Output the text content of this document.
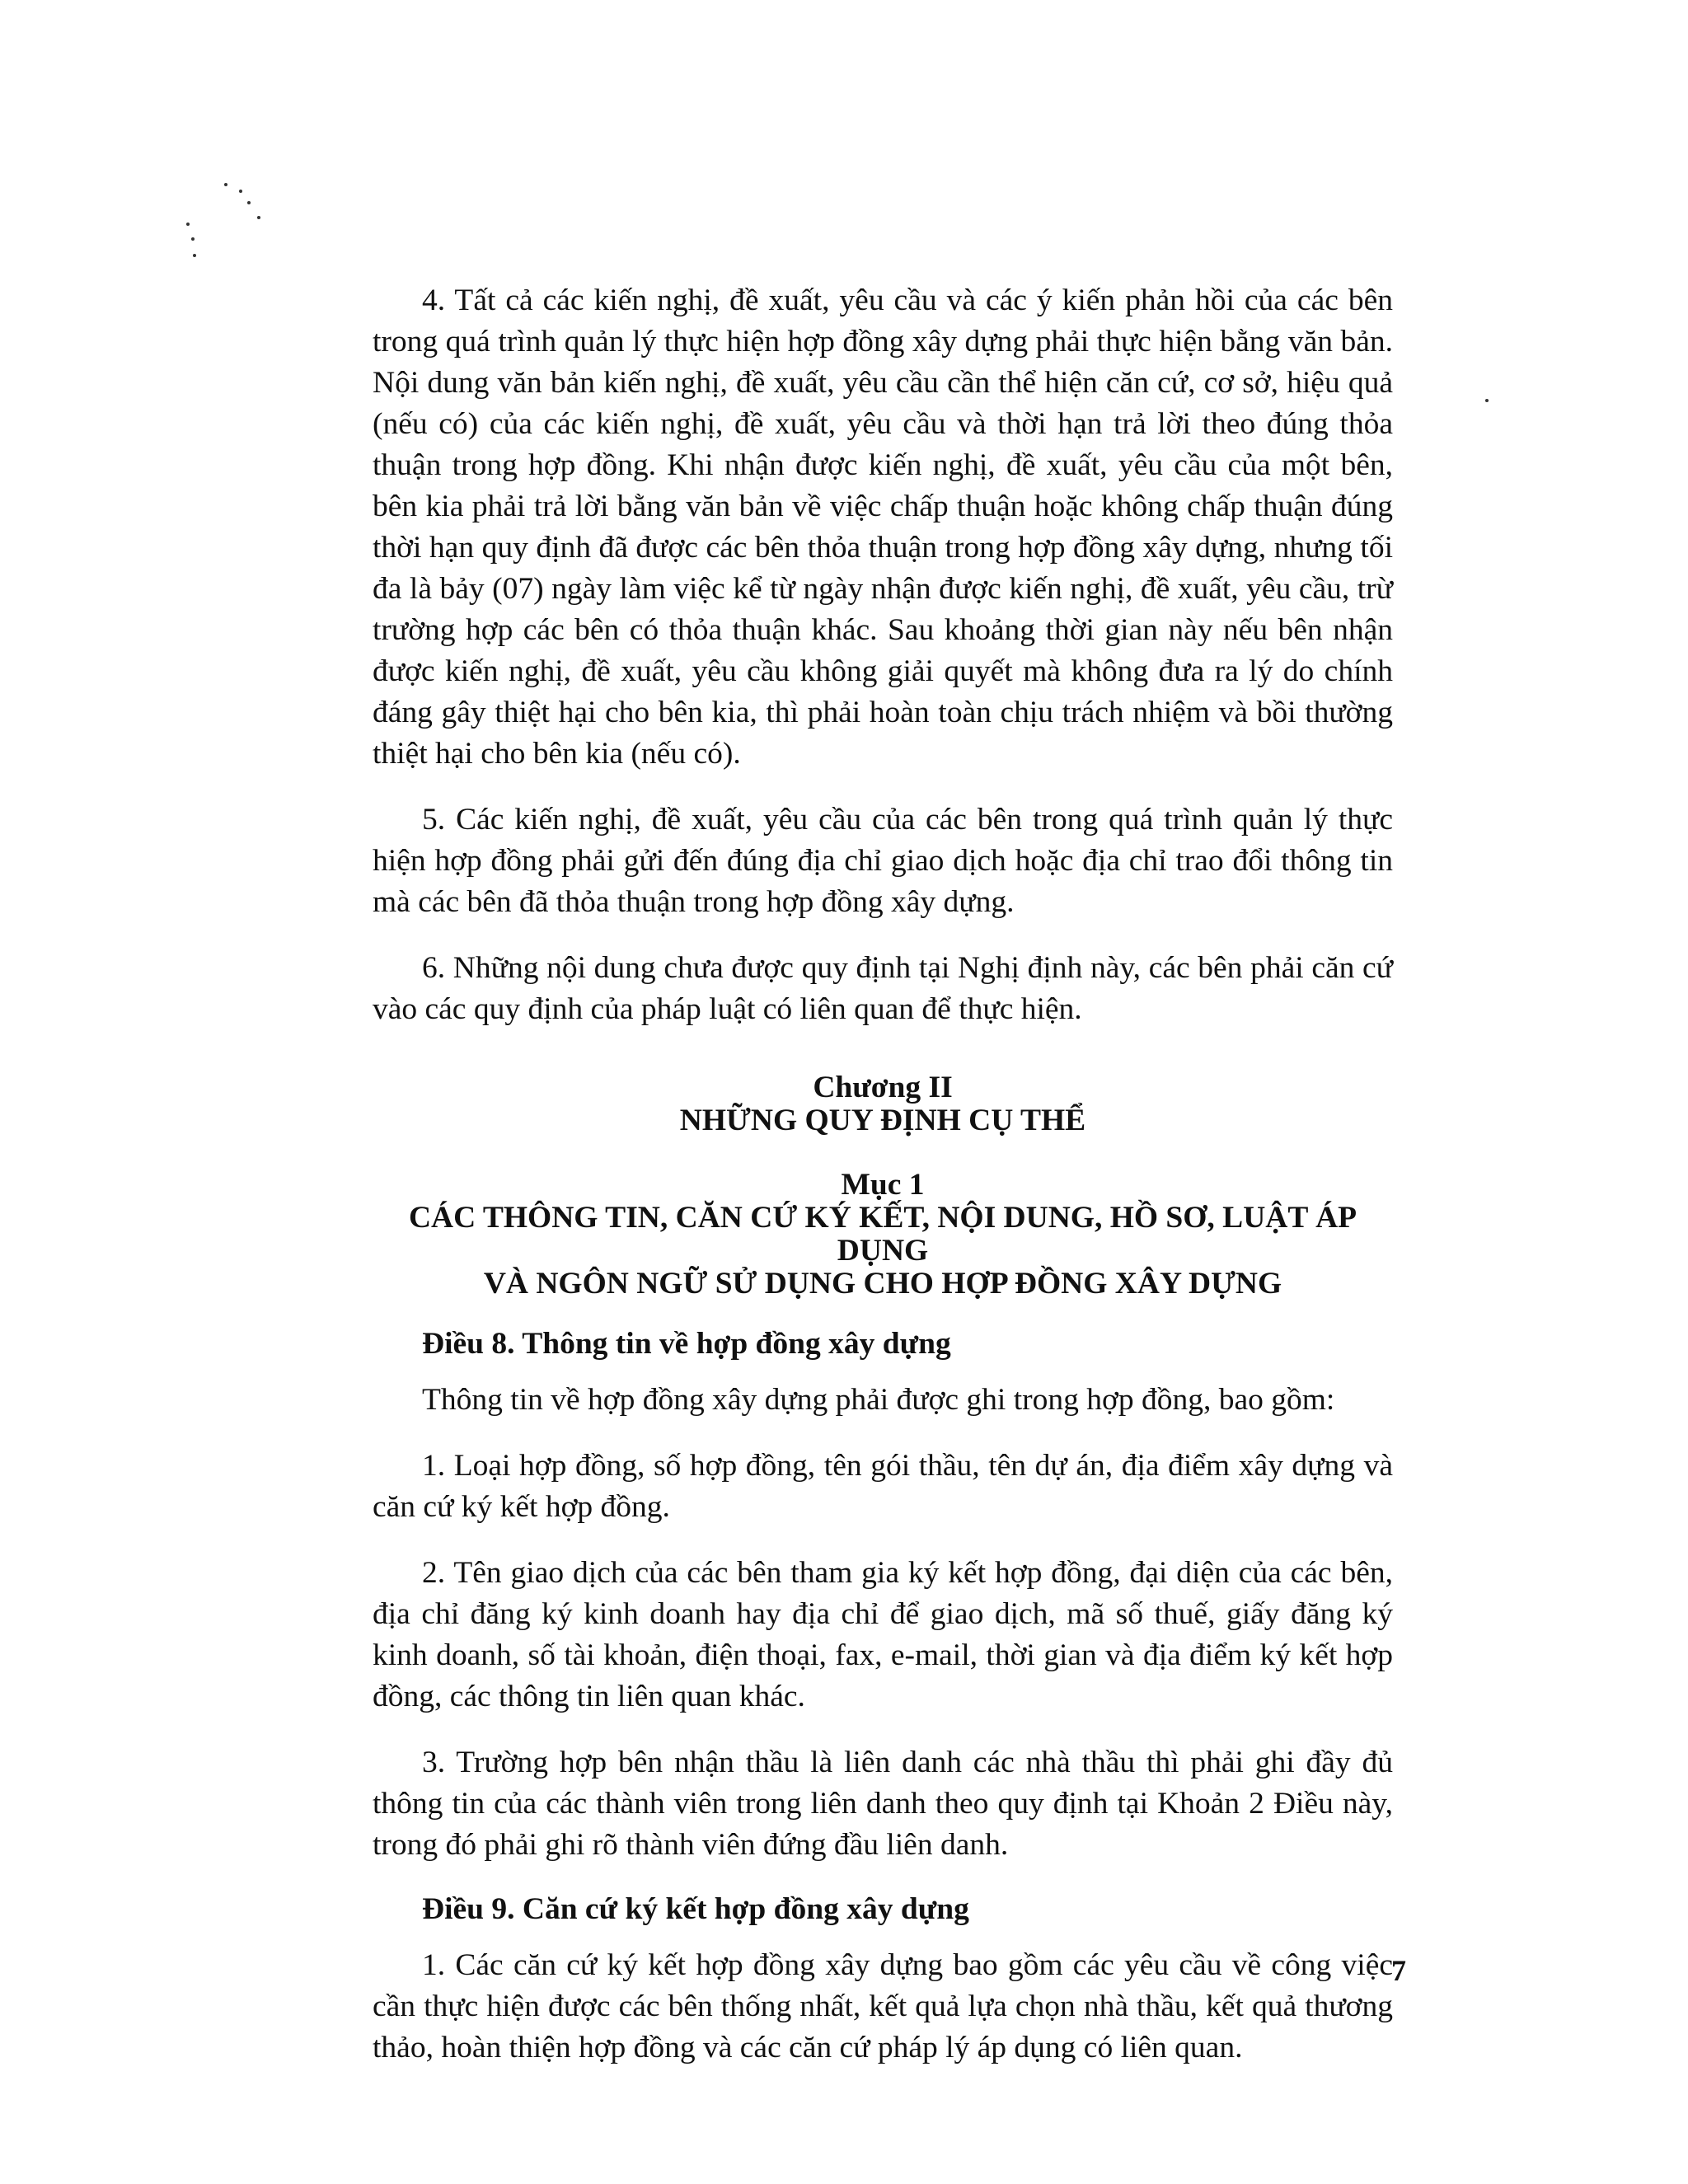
4. Tất cả các kiến nghị, đề xuất, yêu cầu và các ý kiến phản hồi của các bên trong quá trình quản lý thực hiện hợp đồng xây dựng phải thực hiện bằng văn bản. Nội dung văn bản kiến nghị, đề xuất, yêu cầu cần thể hiện căn cứ, cơ sở, hiệu quả (nếu có) của các kiến nghị, đề xuất, yêu cầu và thời hạn trả lời theo đúng thỏa thuận trong hợp đồng. Khi nhận được kiến nghị, đề xuất, yêu cầu của một bên, bên kia phải trả lời bằng văn bản về việc chấp thuận hoặc không chấp thuận đúng thời hạn quy định đã được các bên thỏa thuận trong hợp đồng xây dựng, nhưng tối đa là bảy (07) ngày làm việc kể từ ngày nhận được kiến nghị, đề xuất, yêu cầu, trừ trường hợp các bên có thỏa thuận khác. Sau khoảng thời gian này nếu bên nhận được kiến nghị, đề xuất, yêu cầu không giải quyết mà không đưa ra lý do chính đáng gây thiệt hại cho bên kia, thì phải hoàn toàn chịu trách nhiệm và bồi thường thiệt hại cho bên kia (nếu có).

5. Các kiến nghị, đề xuất, yêu cầu của các bên trong quá trình quản lý thực hiện hợp đồng phải gửi đến đúng địa chỉ giao dịch hoặc địa chỉ trao đổi thông tin mà các bên đã thỏa thuận trong hợp đồng xây dựng.

6. Những nội dung chưa được quy định tại Nghị định này, các bên phải căn cứ vào các quy định của pháp luật có liên quan để thực hiện.

Chương II
NHỮNG QUY ĐỊNH CỤ THỂ
Mục 1
CÁC THÔNG TIN, CĂN CỨ KÝ KẾT, NỘI DUNG, HỒ SƠ, LUẬT ÁP DỤNG
VÀ NGÔN NGỮ SỬ DỤNG CHO HỢP ĐỒNG XÂY DỰNG

Điều 8. Thông tin về hợp đồng xây dựng

Thông tin về hợp đồng xây dựng phải được ghi trong hợp đồng, bao gồm:

1. Loại hợp đồng, số hợp đồng, tên gói thầu, tên dự án, địa điểm xây dựng và căn cứ ký kết hợp đồng.

2. Tên giao dịch của các bên tham gia ký kết hợp đồng, đại diện của các bên, địa chỉ đăng ký kinh doanh hay địa chỉ để giao dịch, mã số thuế, giấy đăng ký kinh doanh, số tài khoản, điện thoại, fax, e-mail, thời gian và địa điểm ký kết hợp đồng, các thông tin liên quan khác.

3. Trường hợp bên nhận thầu là liên danh các nhà thầu thì phải ghi đầy đủ thông tin của các thành viên trong liên danh theo quy định tại Khoản 2 Điều này, trong đó phải ghi rõ thành viên đứng đầu liên danh.

Điều 9. Căn cứ ký kết hợp đồng xây dựng

1. Các căn cứ ký kết hợp đồng xây dựng bao gồm các yêu cầu về công việc cần thực hiện được các bên thống nhất, kết quả lựa chọn nhà thầu, kết quả thương thảo, hoàn thiện hợp đồng và các căn cứ pháp lý áp dụng có liên quan.

7
